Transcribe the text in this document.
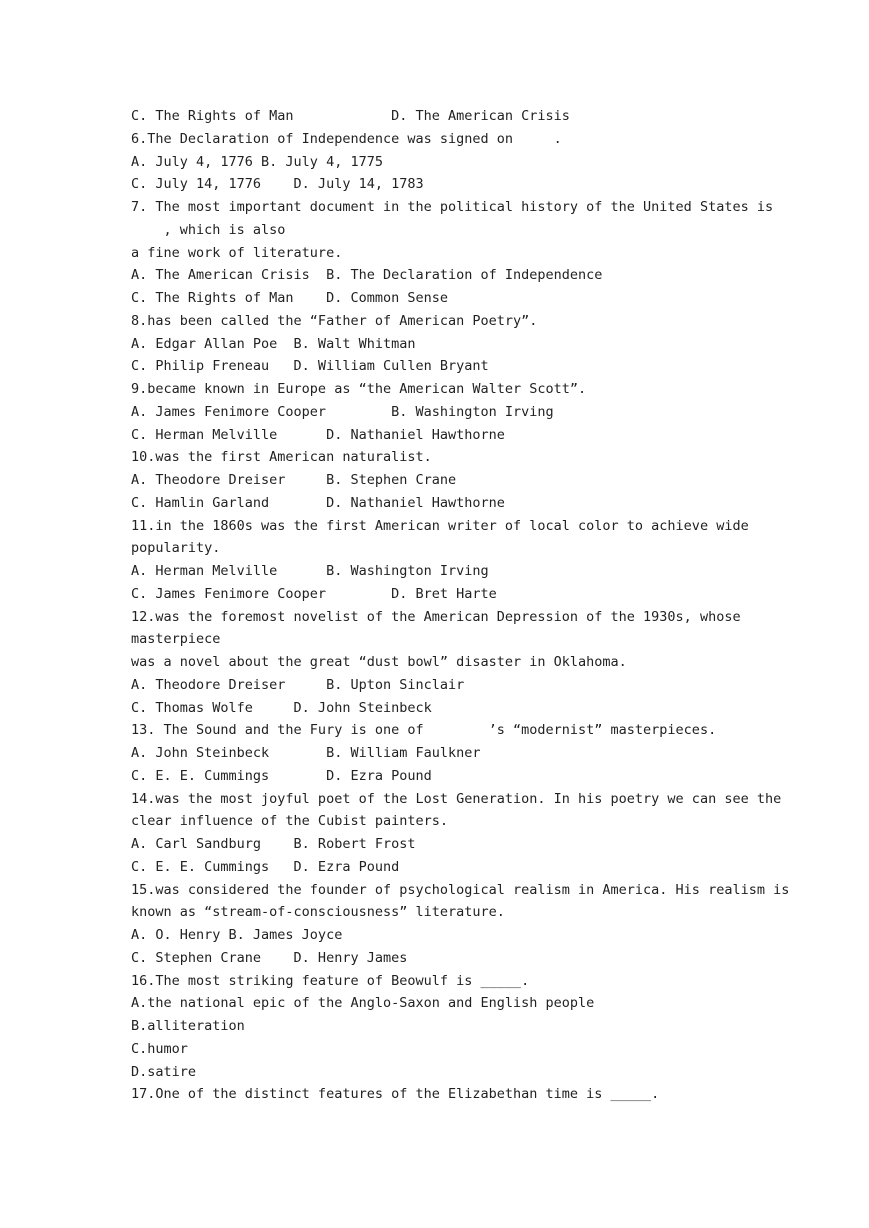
C. The Rights of Man            D. The American Crisis
6.The Declaration of Independence was signed on     .
A. July 4, 1776 B. July 4, 1775
C. July 14, 1776    D. July 14, 1783
7. The most important document in the political history of the United States is
, which is also
a fine work of literature.
A. The American Crisis  B. The Declaration of Independence
C. The Rights of Man    D. Common Sense
8.has been called the “Father of American Poetry”.
A. Edgar Allan Poe  B. Walt Whitman
C. Philip Freneau   D. William Cullen Bryant
9.became known in Europe as “the American Walter Scott”.
A. James Fenimore Cooper        B. Washington Irving
C. Herman Melville      D. Nathaniel Hawthorne
10.was the first American naturalist.
A. Theodore Dreiser     B. Stephen Crane
C. Hamlin Garland       D. Nathaniel Hawthorne
11.in the 1860s was the first American writer of local color to achieve wide
popularity.
A. Herman Melville      B. Washington Irving
C. James Fenimore Cooper        D. Bret Harte
12.was the foremost novelist of the American Depression of the 1930s, whose
masterpiece
was a novel about the great “dust bowl” disaster in Oklahoma.
A. Theodore Dreiser     B. Upton Sinclair
C. Thomas Wolfe     D. John Steinbeck
13. The Sound and the Fury is one of        ’s “modernist” masterpieces.
A. John Steinbeck       B. William Faulkner
C. E. E. Cummings       D. Ezra Pound
14.was the most joyful poet of the Lost Generation. In his poetry we can see the
clear influence of the Cubist painters.
A. Carl Sandburg    B. Robert Frost
C. E. E. Cummings   D. Ezra Pound
15.was considered the founder of psychological realism in America. His realism is
known as “stream-of-consciousness” literature.
A. O. Henry B. James Joyce
C. Stephen Crane    D. Henry James
16.The most striking feature of Beowulf is _____.
A.the national epic of the Anglo-Saxon and English people
B.alliteration
C.humor
D.satire
17.One of the distinct features of the Elizabethan time is _____.
